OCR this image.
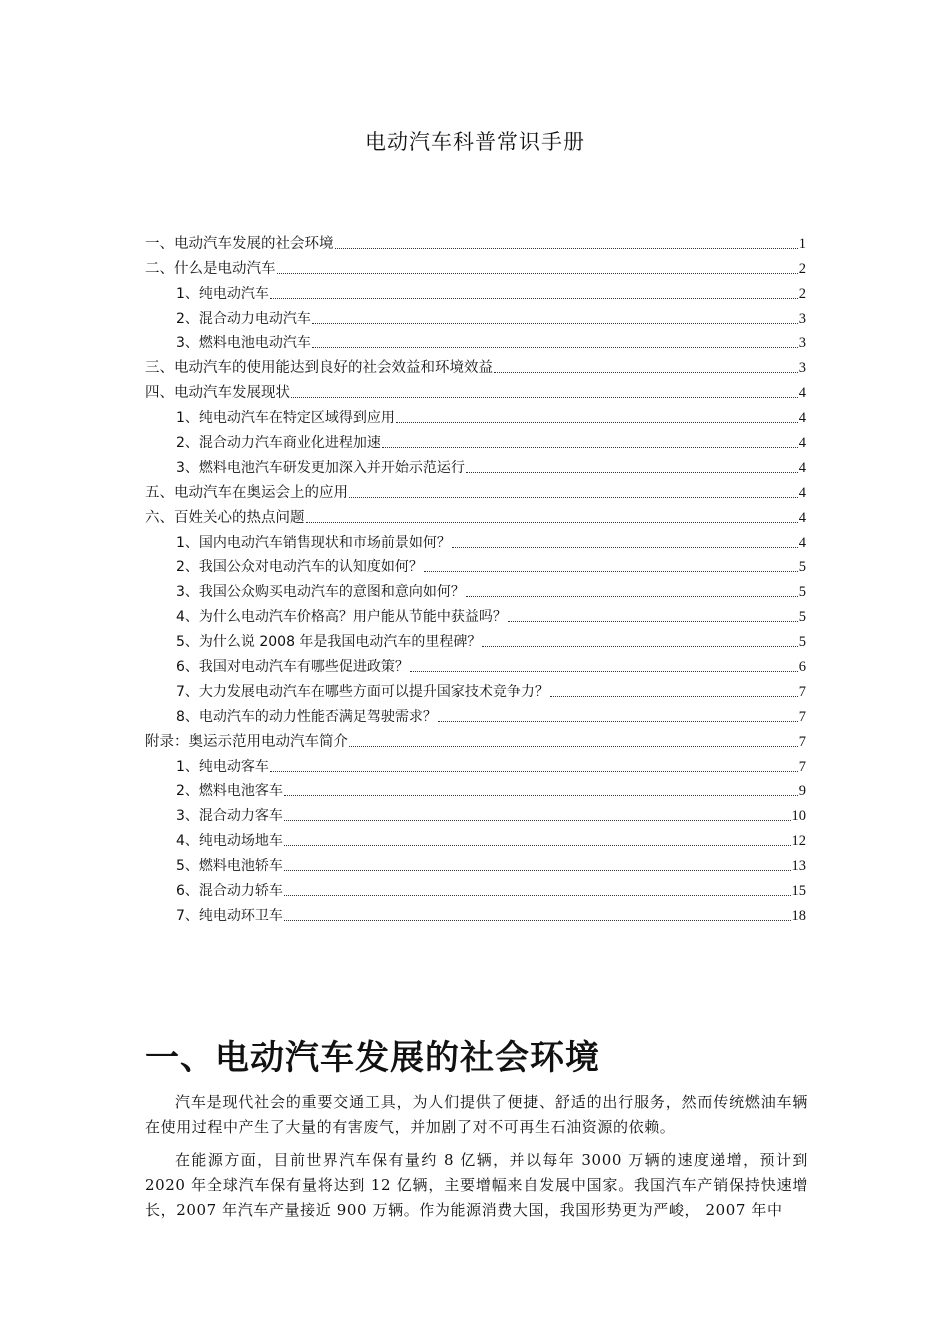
电动汽车科普常识手册
一、电动汽车发展的社会环境	1
二、什么是电动汽车	2
1、纯电动汽车	2
2、混合动力电动汽车	3
3、燃料电池电动汽车	3
三、电动汽车的使用能达到良好的社会效益和环境效益	3
四、电动汽车发展现状	4
1、纯电动汽车在特定区域得到应用	4
2、混合动力汽车商业化进程加速	4
3、燃料电池汽车研发更加深入并开始示范运行	4
五、电动汽车在奥运会上的应用	4
六、百姓关心的热点问题	4
1、国内电动汽车销售现状和市场前景如何？	4
2、我国公众对电动汽车的认知度如何？	5
3、我国公众购买电动汽车的意图和意向如何？	5
4、为什么电动汽车价格高？用户能从节能中获益吗？	5
5、为什么说 2008 年是我国电动汽车的里程碑？	5
6、我国对电动汽车有哪些促进政策？	6
7、大力发展电动汽车在哪些方面可以提升国家技术竞争力？	7
8、电动汽车的动力性能否满足驾驶需求？	7
附录：奥运示范用电动汽车简介	7
1、纯电动客车	7
2、燃料电池客车	9
3、混合动力客车	10
4、纯电动场地车	12
5、燃料电池轿车	13
6、混合动力轿车	15
7、纯电动环卫车	18
一、电动汽车发展的社会环境

汽车是现代社会的重要交通工具，为人们提供了便捷、舒适的出行服务，然而传统燃油车辆在使用过程中产生了大量的有害废气，并加剧了对不可再生石油资源的依赖。

在能源方面，目前世界汽车保有量约 8 亿辆，并以每年 3000 万辆的速度递增，预计到 2020 年全球汽车保有量将达到 12 亿辆，主要增幅来自发展中国家。我国汽车产销保持快速增长，2007 年汽车产量接近 900 万辆。作为能源消费大国，我国形势更为严峻， 2007 年中
